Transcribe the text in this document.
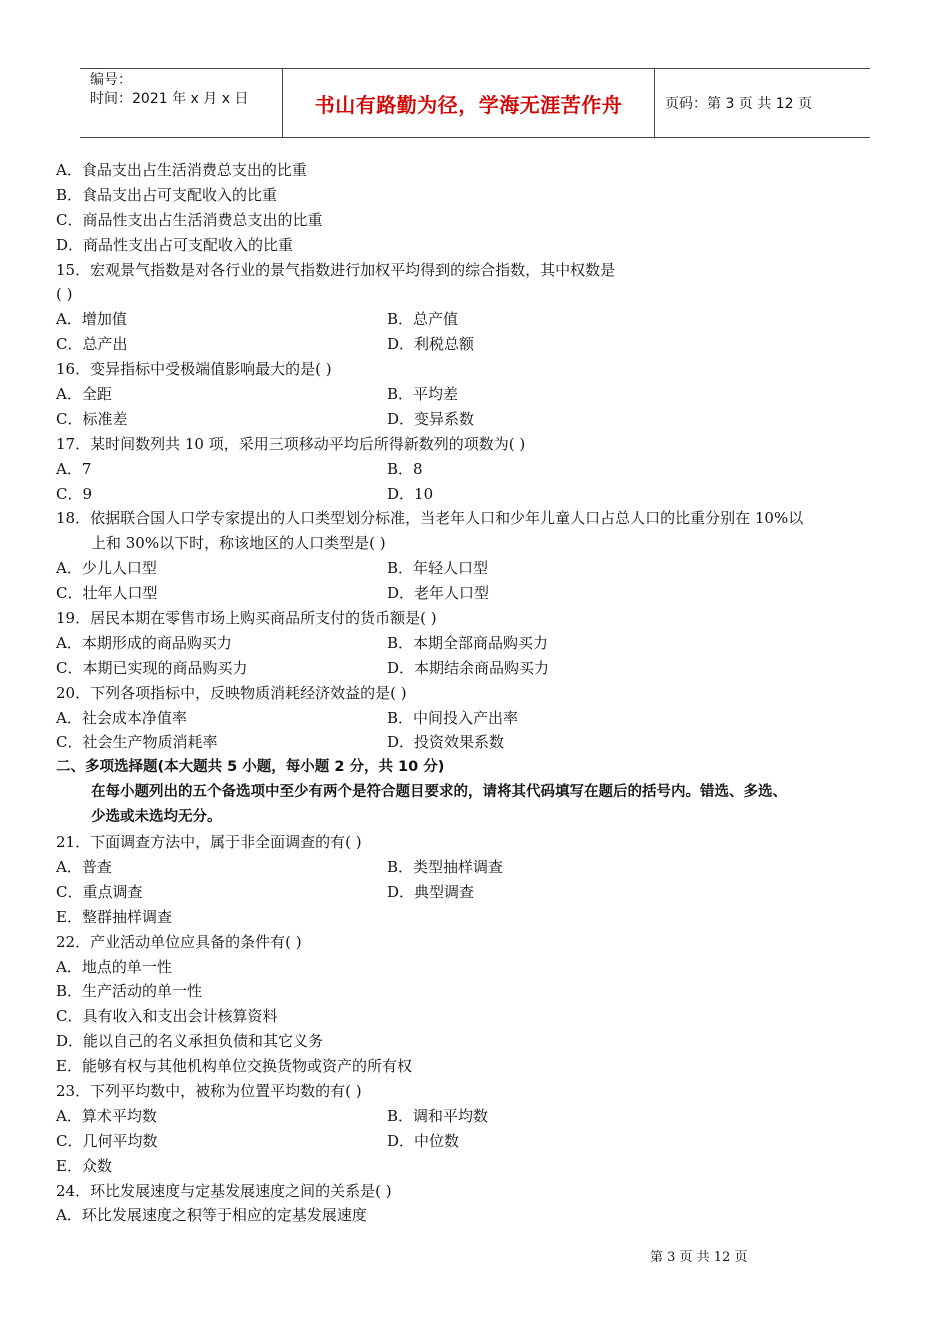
编号：
时间：2021 年 x 月 x 日	书山有路勤为径，学海无涯苦作舟	页码：第 3 页 共 12 页
A．食品支出占生活消费总支出的比重
B．食品支出占可支配收入的比重
C．商品性支出占生活消费总支出的比重
D．商品性支出占可支配收入的比重
15．宏观景气指数是对各行业的景气指数进行加权平均得到的综合指数，其中权数是
( )
A．增加值	B．总产值
C．总产出	D．利税总额
16．变异指标中受极端值影响最大的是( )
A．全距	B．平均差
C．标准差	D．变异系数
17．某时间数列共 10 项，采用三项移动平均后所得新数列的项数为( )
A．7	B．8
C．9	D．10
18．依据联合国人口学专家提出的人口类型划分标准，当老年人口和少年儿童人口占总人口的比重分别在 10%以
上和 30%以下时，称该地区的人口类型是( )
A．少儿人口型	B．年轻人口型
C．壮年人口型	D．老年人口型
19．居民本期在零售市场上购买商品所支付的货币额是( )
A．本期形成的商品购买力	B．本期全部商品购买力
C．本期已实现的商品购买力	D．本期结余商品购买力
20．下列各项指标中，反映物质消耗经济效益的是( )
A．社会成本净值率	B．中间投入产出率
C．社会生产物质消耗率	D．投资效果系数
二、多项选择题(本大题共 5 小题，每小题 2 分，共 10 分)
在每小题列出的五个备选项中至少有两个是符合题目要求的，请将其代码填写在题后的括号内。错选、多选、
少选或未选均无分。
21．下面调查方法中，属于非全面调查的有( )
A．普查	B．类型抽样调查
C．重点调查	D．典型调查
E．整群抽样调查
22．产业活动单位应具备的条件有( )
A．地点的单一性
B．生产活动的单一性
C．具有收入和支出会计核算资料
D．能以自己的名义承担负债和其它义务
E．能够有权与其他机构单位交换货物或资产的所有权
23．下列平均数中，被称为位置平均数的有( )
A．算术平均数	B．调和平均数
C．几何平均数	D．中位数
E．众数
24．环比发展速度与定基发展速度之间的关系是( )
A．环比发展速度之积等于相应的定基发展速度
第 3 页 共 12 页
